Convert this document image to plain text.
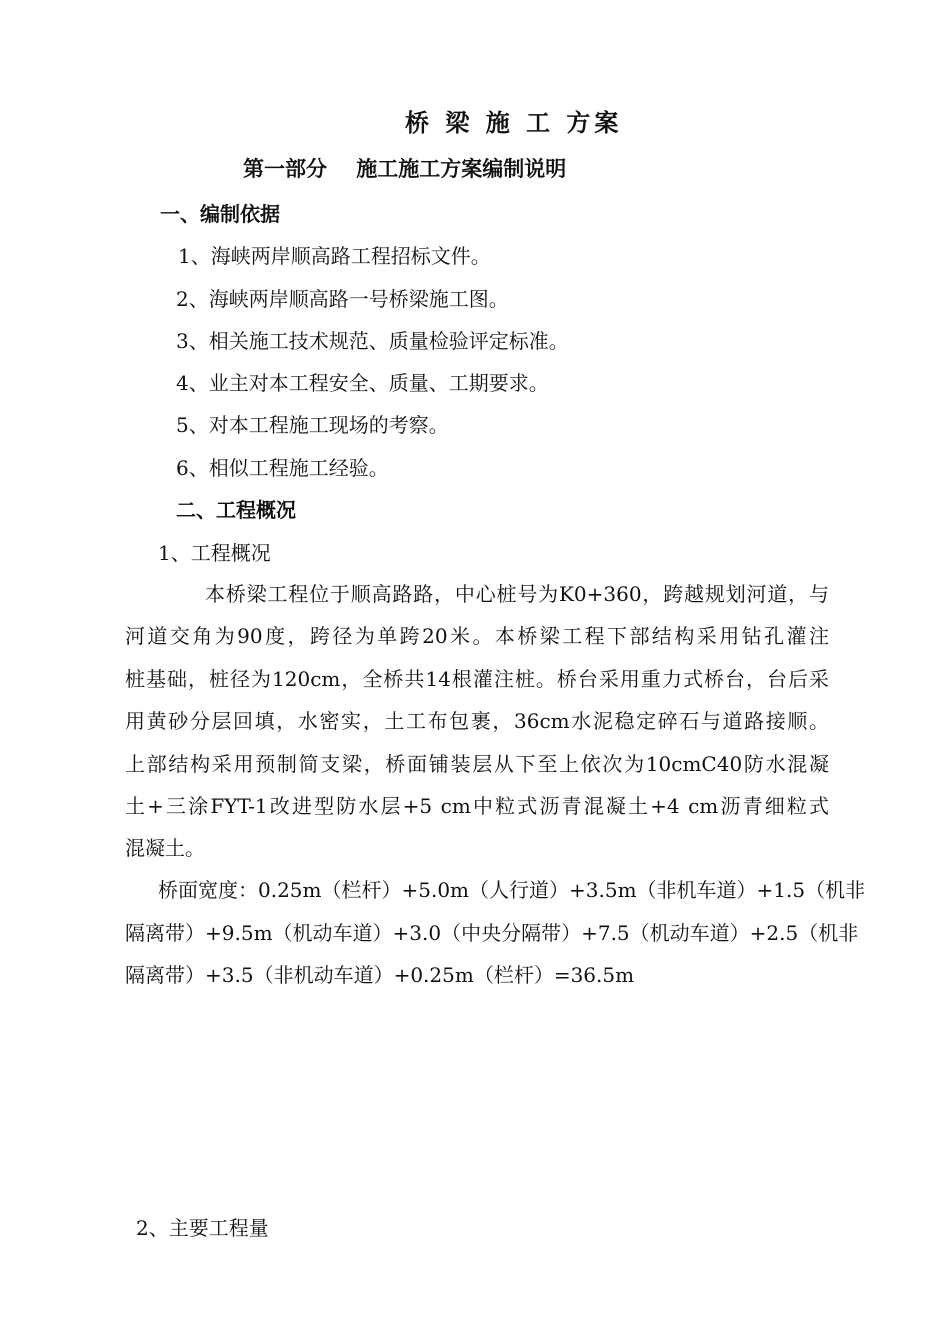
桥 梁 施 工 方案
第一部分    施工施工方案编制说明
一、编制依据
1、海峡两岸顺高路工程招标文件。
2、海峡两岸顺高路一号桥梁施工图。
3、相关施工技术规范、质量检验评定标准。
4、业主对本工程安全、质量、工期要求。
5、对本工程施工现场的考察。
6、相似工程施工经验。
二、工程概况
1、工程概况
本桥梁工程位于顺高路路，中心桩号为K0+360，跨越规划河道，与
河道交角为90度，跨径为单跨20米。本桥梁工程下部结构采用钻孔灌注
桩基础，桩径为120cm，全桥共14根灌注桩。桥台采用重力式桥台，台后采
用黄砂分层回填，水密实，土工布包裹，36cm水泥稳定碎石与道路接顺。
上部结构采用预制简支梁，桥面铺装层从下至上依次为10cmC40防水混凝
土+三涂FYT-1改进型防水层+5 cm中粒式沥青混凝土+4 cm沥青细粒式
混凝土。
桥面宽度：0.25m（栏杆）+5.0m（人行道）+3.5m（非机车道）+1.5（机非
隔离带）+9.5m（机动车道）+3.0（中央分隔带）+7.5（机动车道）+2.5（机非
隔离带）+3.5（非机动车道）+0.25m（栏杆）=36.5m
2、主要工程量
